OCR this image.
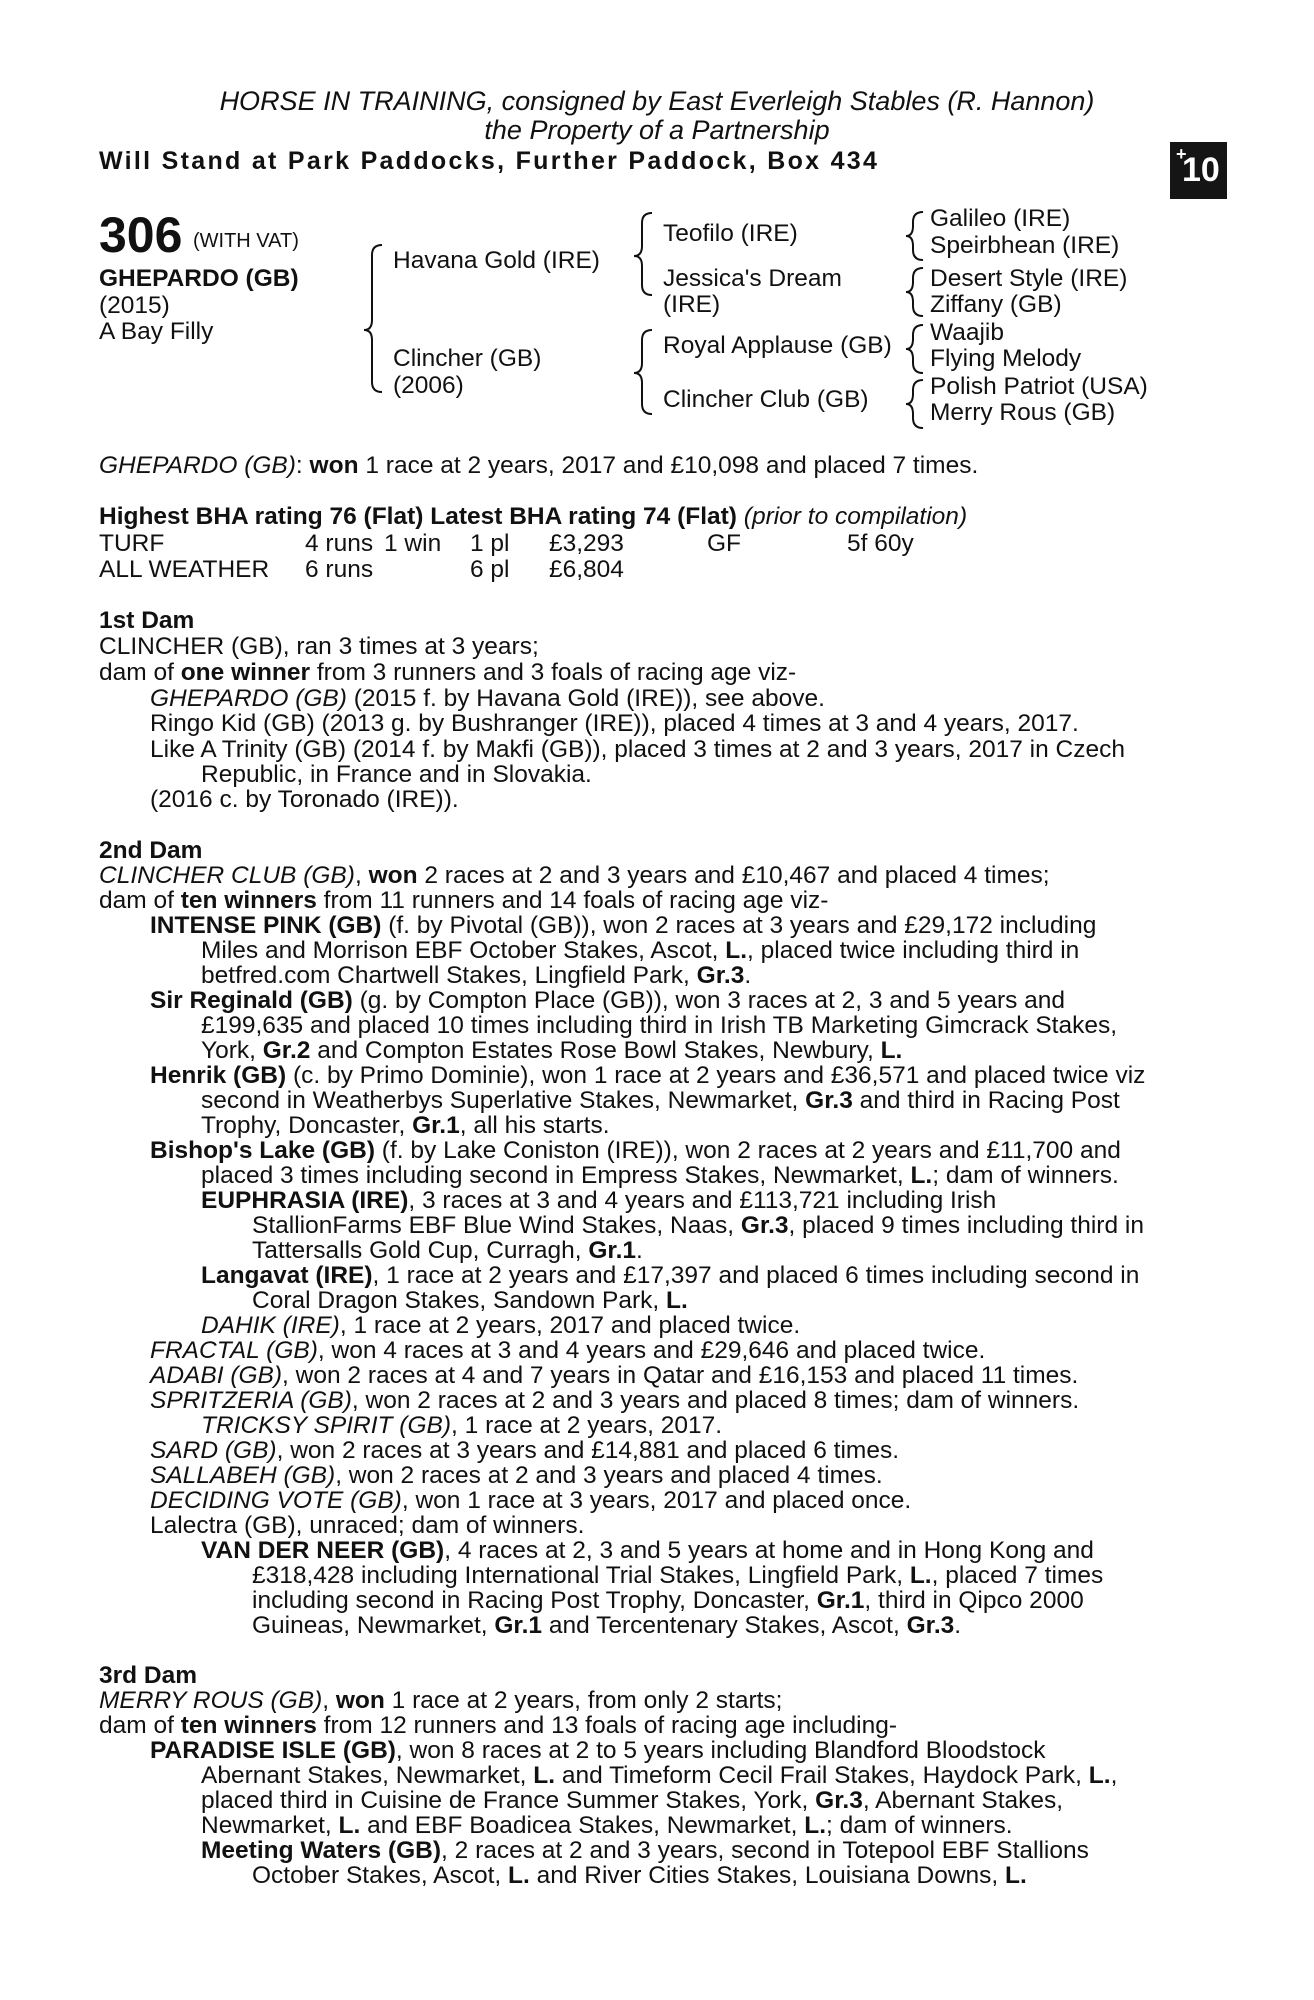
HORSE IN TRAINING, consigned by East Everleigh Stables (R. Hannon)
the Property of a Partnership
Will Stand at Park Paddocks, Further Paddock, Box 434	+
10
306 (WITH VAT)
GHEPARDO (GB)
(2015)
A Bay Filly
Havana Gold (IRE)
Clincher (GB)
(2006)
Teofilo (IRE)
Jessica's Dream
(IRE)
Royal Applause (GB)
Clincher Club (GB)
Galileo (IRE)
Speirbhean (IRE)
Desert Style (IRE)
Ziffany (GB)
Waajib
Flying Melody
Polish Patriot (USA)
Merry Rous (GB)
GHEPARDO (GB): won 1 race at 2 years, 2017 and £10,098 and placed 7 times.
Highest BHA rating 76 (Flat) Latest BHA rating 74 (Flat) (prior to compilation)
TURF	4 runs 1 win 1 pl £3,293	GF	5f 60y
ALL WEATHER 6 runs	6 pl £6,804
1st Dam
CLINCHER (GB), ran 3 times at 3 years;
dam of one winner from 3 runners and 3 foals of racing age viz-
GHEPARDO (GB) (2015 f. by Havana Gold (IRE)), see above.
Ringo Kid (GB) (2013 g. by Bushranger (IRE)), placed 4 times at 3 and 4 years, 2017.
Like A Trinity (GB) (2014 f. by Makfi (GB)), placed 3 times at 2 and 3 years, 2017 in Czech
Republic, in France and in Slovakia.
(2016 c. by Toronado (IRE)).
2nd Dam
CLINCHER CLUB (GB), won 2 races at 2 and 3 years and £10,467 and placed 4 times;
dam of ten winners from 11 runners and 14 foals of racing age viz-
INTENSE PINK (GB) (f. by Pivotal (GB)), won 2 races at 3 years and £29,172 including
Miles and Morrison EBF October Stakes, Ascot, L., placed twice including third in
betfred.com Chartwell Stakes, Lingfield Park, Gr.3.
Sir Reginald (GB) (g. by Compton Place (GB)), won 3 races at 2, 3 and 5 years and
£199,635 and placed 10 times including third in Irish TB Marketing Gimcrack Stakes,
York, Gr.2 and Compton Estates Rose Bowl Stakes, Newbury, L.
Henrik (GB) (c. by Primo Dominie), won 1 race at 2 years and £36,571 and placed twice viz
second in Weatherbys Superlative Stakes, Newmarket, Gr.3 and third in Racing Post
Trophy, Doncaster, Gr.1, all his starts.
Bishop's Lake (GB) (f. by Lake Coniston (IRE)), won 2 races at 2 years and £11,700 and
placed 3 times including second in Empress Stakes, Newmarket, L.; dam of winners.
EUPHRASIA (IRE), 3 races at 3 and 4 years and £113,721 including Irish
StallionFarms EBF Blue Wind Stakes, Naas, Gr.3, placed 9 times including third in
Tattersalls Gold Cup, Curragh, Gr.1.
Langavat (IRE), 1 race at 2 years and £17,397 and placed 6 times including second in
Coral Dragon Stakes, Sandown Park, L.
DAHIK (IRE), 1 race at 2 years, 2017 and placed twice.
FRACTAL (GB), won 4 races at 3 and 4 years and £29,646 and placed twice.
ADABI (GB), won 2 races at 4 and 7 years in Qatar and £16,153 and placed 11 times.
SPRITZERIA (GB), won 2 races at 2 and 3 years and placed 8 times; dam of winners.
TRICKSY SPIRIT (GB), 1 race at 2 years, 2017.
SARD (GB), won 2 races at 3 years and £14,881 and placed 6 times.
SALLABEH (GB), won 2 races at 2 and 3 years and placed 4 times.
DECIDING VOTE (GB), won 1 race at 3 years, 2017 and placed once.
Lalectra (GB), unraced; dam of winners.
VAN DER NEER (GB), 4 races at 2, 3 and 5 years at home and in Hong Kong and
£318,428 including International Trial Stakes, Lingfield Park, L., placed 7 times
including second in Racing Post Trophy, Doncaster, Gr.1, third in Qipco 2000
Guineas, Newmarket, Gr.1 and Tercentenary Stakes, Ascot, Gr.3.
3rd Dam
MERRY ROUS (GB), won 1 race at 2 years, from only 2 starts;
dam of ten winners from 12 runners and 13 foals of racing age including-
PARADISE ISLE (GB), won 8 races at 2 to 5 years including Blandford Bloodstock
Abernant Stakes, Newmarket, L. and Timeform Cecil Frail Stakes, Haydock Park, L.,
placed third in Cuisine de France Summer Stakes, York, Gr.3, Abernant Stakes,
Newmarket, L. and EBF Boadicea Stakes, Newmarket, L.; dam of winners.
Meeting Waters (GB), 2 races at 2 and 3 years, second in Totepool EBF Stallions
October Stakes, Ascot, L. and River Cities Stakes, Louisiana Downs, L.
